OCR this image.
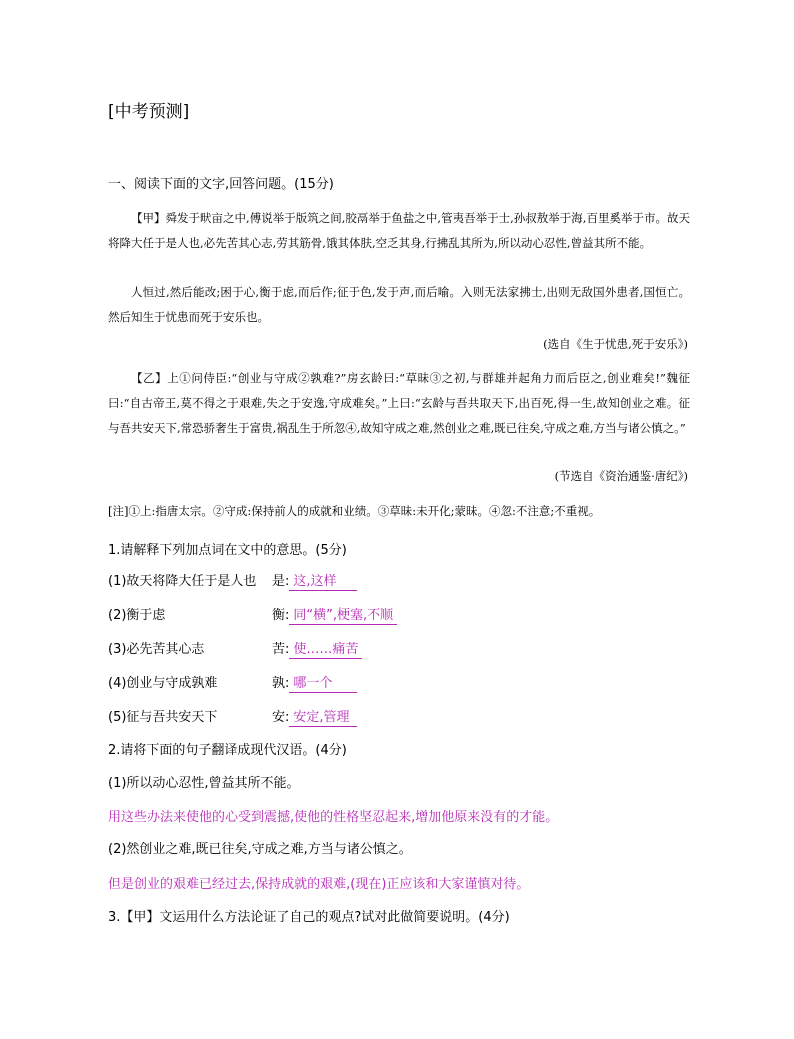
[中考预测]
一、阅读下面的文字,回答问题。(15分)
【甲】舜发于畎亩之中,傅说举于版筑之间,胶鬲举于鱼盐之中,管夷吾举于士,孙叔敖举于海,百里奚举于市。故天将降大任于是人也,必先苦其心志,劳其筋骨,饿其体肤,空乏其身,行拂乱其所为,所以动心忍性,曾益其所不能。
人恒过,然后能改;困于心,衡于虑,而后作;征于色,发于声,而后喻。入则无法家拂士,出则无敌国外患者,国恒亡。然后知生于忧患而死于安乐也。
(选自《生于忧患,死于安乐》)
【乙】上①问侍臣:“创业与守成②孰难?”房玄龄曰:“草昧③之初,与群雄并起角力而后臣之,创业难矣!”魏征曰:“自古帝王,莫不得之于艰难,失之于安逸,守成难矣。”上曰:“玄龄与吾共取天下,出百死,得一生,故知创业之难。征与吾共安天下,常恐骄奢生于富贵,祸乱生于所忽④,故知守成之难,然创业之难,既已往矣,守成之难,方当与诸公慎之。”
(节选自《资治通鉴·唐纪》)
[注]①上:指唐太宗。②守成:保持前人的成就和业绩。③草昧:未开化;蒙昧。④忽:不注意;不重视。
1.请解释下列加点词在文中的意思。(5分)
(1)故天将降大任于是人也 是: 这,这样
(2)衡于虑	衡: 同“横”,梗塞,不顺
(3)必先苦其心志	苦: 使……痛苦
(4)创业与守成孰难	孰: 哪一个
(5)征与吾共安天下	安: 安定,管理
2.请将下面的句子翻译成现代汉语。(4分)
(1)所以动心忍性,曾益其所不能。
用这些办法来使他的心受到震撼,使他的性格坚忍起来,增加他原来没有的才能。
(2)然创业之难,既已往矣,守成之难,方当与诸公慎之。
但是创业的艰难已经过去,保持成就的艰难,(现在)正应该和大家谨慎对待。
3.【甲】文运用什么方法论证了自己的观点?试对此做简要说明。(4分)
